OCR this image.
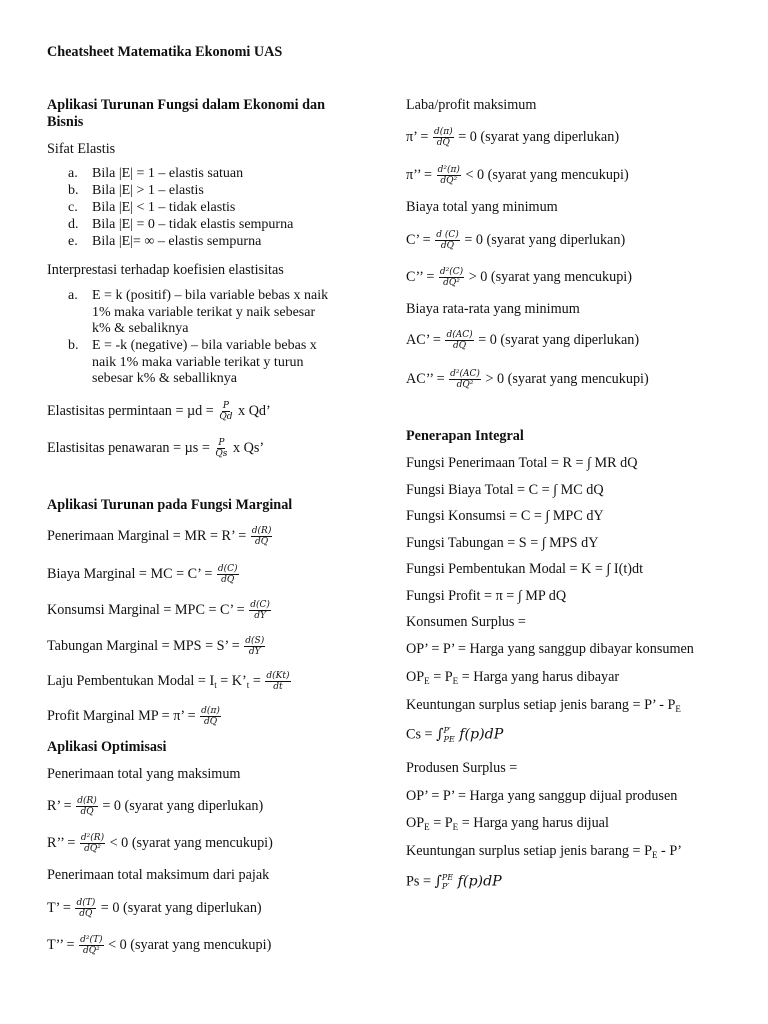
Cheatsheet Matematika Ekonomi UAS
Aplikasi Turunan Fungsi dalam Ekonomi dan
Bisnis
Sifat Elastis
a.	Bila |E| = 1 – elastis satuan
b. Bila |E| > 1 – elastis
c.	Bila |E| < 1 – tidak elastis
d. Bila |E| = 0 – tidak elastis sempurna
e.	Bila |E|= ∞ – elastis sempurna
Interprestasi terhadap koefisien elastisitas
a.	E = k (positif) – bila variable bebas x naik
1% maka variable terikat y naik sebesar
k% & sebaliknya
b. E = -k (negative) – bila variable bebas x
naik 1% maka variable terikat y turun
sebesar k% & seballiknya
Elastisitas permintaan = $\mu d = \frac{P}{Qd}$ x Qd’
Elastisitas penawaran = $\mu s = \frac{P}{Qs}$ x Qs’
Aplikasi Turunan pada Fungsi Marginal
Penerimaan Marginal = MR = R’ = $\frac{d(R)}{dQ}$
Biaya Marginal = MC = C’ = $\frac{d(C)}{dQ}$
Konsumsi Marginal = MPC = C’ = $\frac{d(C)}{dY}$
Tabungan Marginal = MPS = S’ = $\frac{d(S)}{dY}$
Laju Pembentukan Modal = $I_t$ = $K’_t = \frac{d(Kt)}{dt}$
Profit Marginal MP = π’ = $\frac{d(\pi)}{dQ}$
Aplikasi Optimisasi
Penerimaan total yang maksimum
R’ = $\frac{d(R)}{dQ} = 0$ (syarat yang diperlukan)
R’’ = $\frac{\text{d²(R)}}{\text{dQ²}} < 0$ (syarat yang mencukupi)
Penerimaan total maksimum dari pajak
T’ = $\frac{d(T)}{dQ} = 0$ (syarat yang diperlukan)
T’’ = $\frac{\text{d²(T)}}{\text{dQ²}} < 0$ (syarat yang mencukupi)
Laba/profit maksimum
π’ = $\frac{d(\pi)}{dQ} = 0$ (syarat yang diperlukan)
π’’ = $\frac{\text{d²(π)}}{\text{dQ²}} < 0$ (syarat yang mencukupi)
Biaya total yang minimum
C’ = $\frac{d (C)}{dQ} = 0$ (syarat yang diperlukan)
C’’ = $\frac{\text{d²(C)}}{\text{dQ²}} > 0$ (syarat yang mencukupi)
Biaya rata-rata yang minimum
AC’ = $\frac{d(AC)}{dQ} = 0$ (syarat yang diperlukan)
AC’’ = $\frac{\text{d²(AC)}}{\text{dQ²}} > 0$ (syarat yang mencukupi)
Penerapan Integral
Fungsi Penerimaan Total = R = ∫ MR dQ
Fungsi Biaya Total = C = ∫ MC dQ
Fungsi Konsumsi = C = ∫ MPC dY
Fungsi Tabungan = S = ∫ MPS dY
Fungsi Pembentukan Modal = K = ∫ I(t)dt
Fungsi Profit = π = ∫ MP dQ
Konsumen Surplus =
OP’ = P’ = Harga yang sanggup dibayar konsumen
$OP_E = P_E$ = Harga yang harus dibayar
Keuntungan surplus setiap jenis barang = P’ - $P_E$
Cs = ∫ P′
PE f(p)dP
Produsen Surplus =
OP’ = P’ = Harga yang sanggup dijual produsen
$OP_E = P_E$ = Harga yang harus dijual
Keuntungan surplus setiap jenis barang = $P_E$ - P’
Ps = ∫ PE
P′ f(p)dP
